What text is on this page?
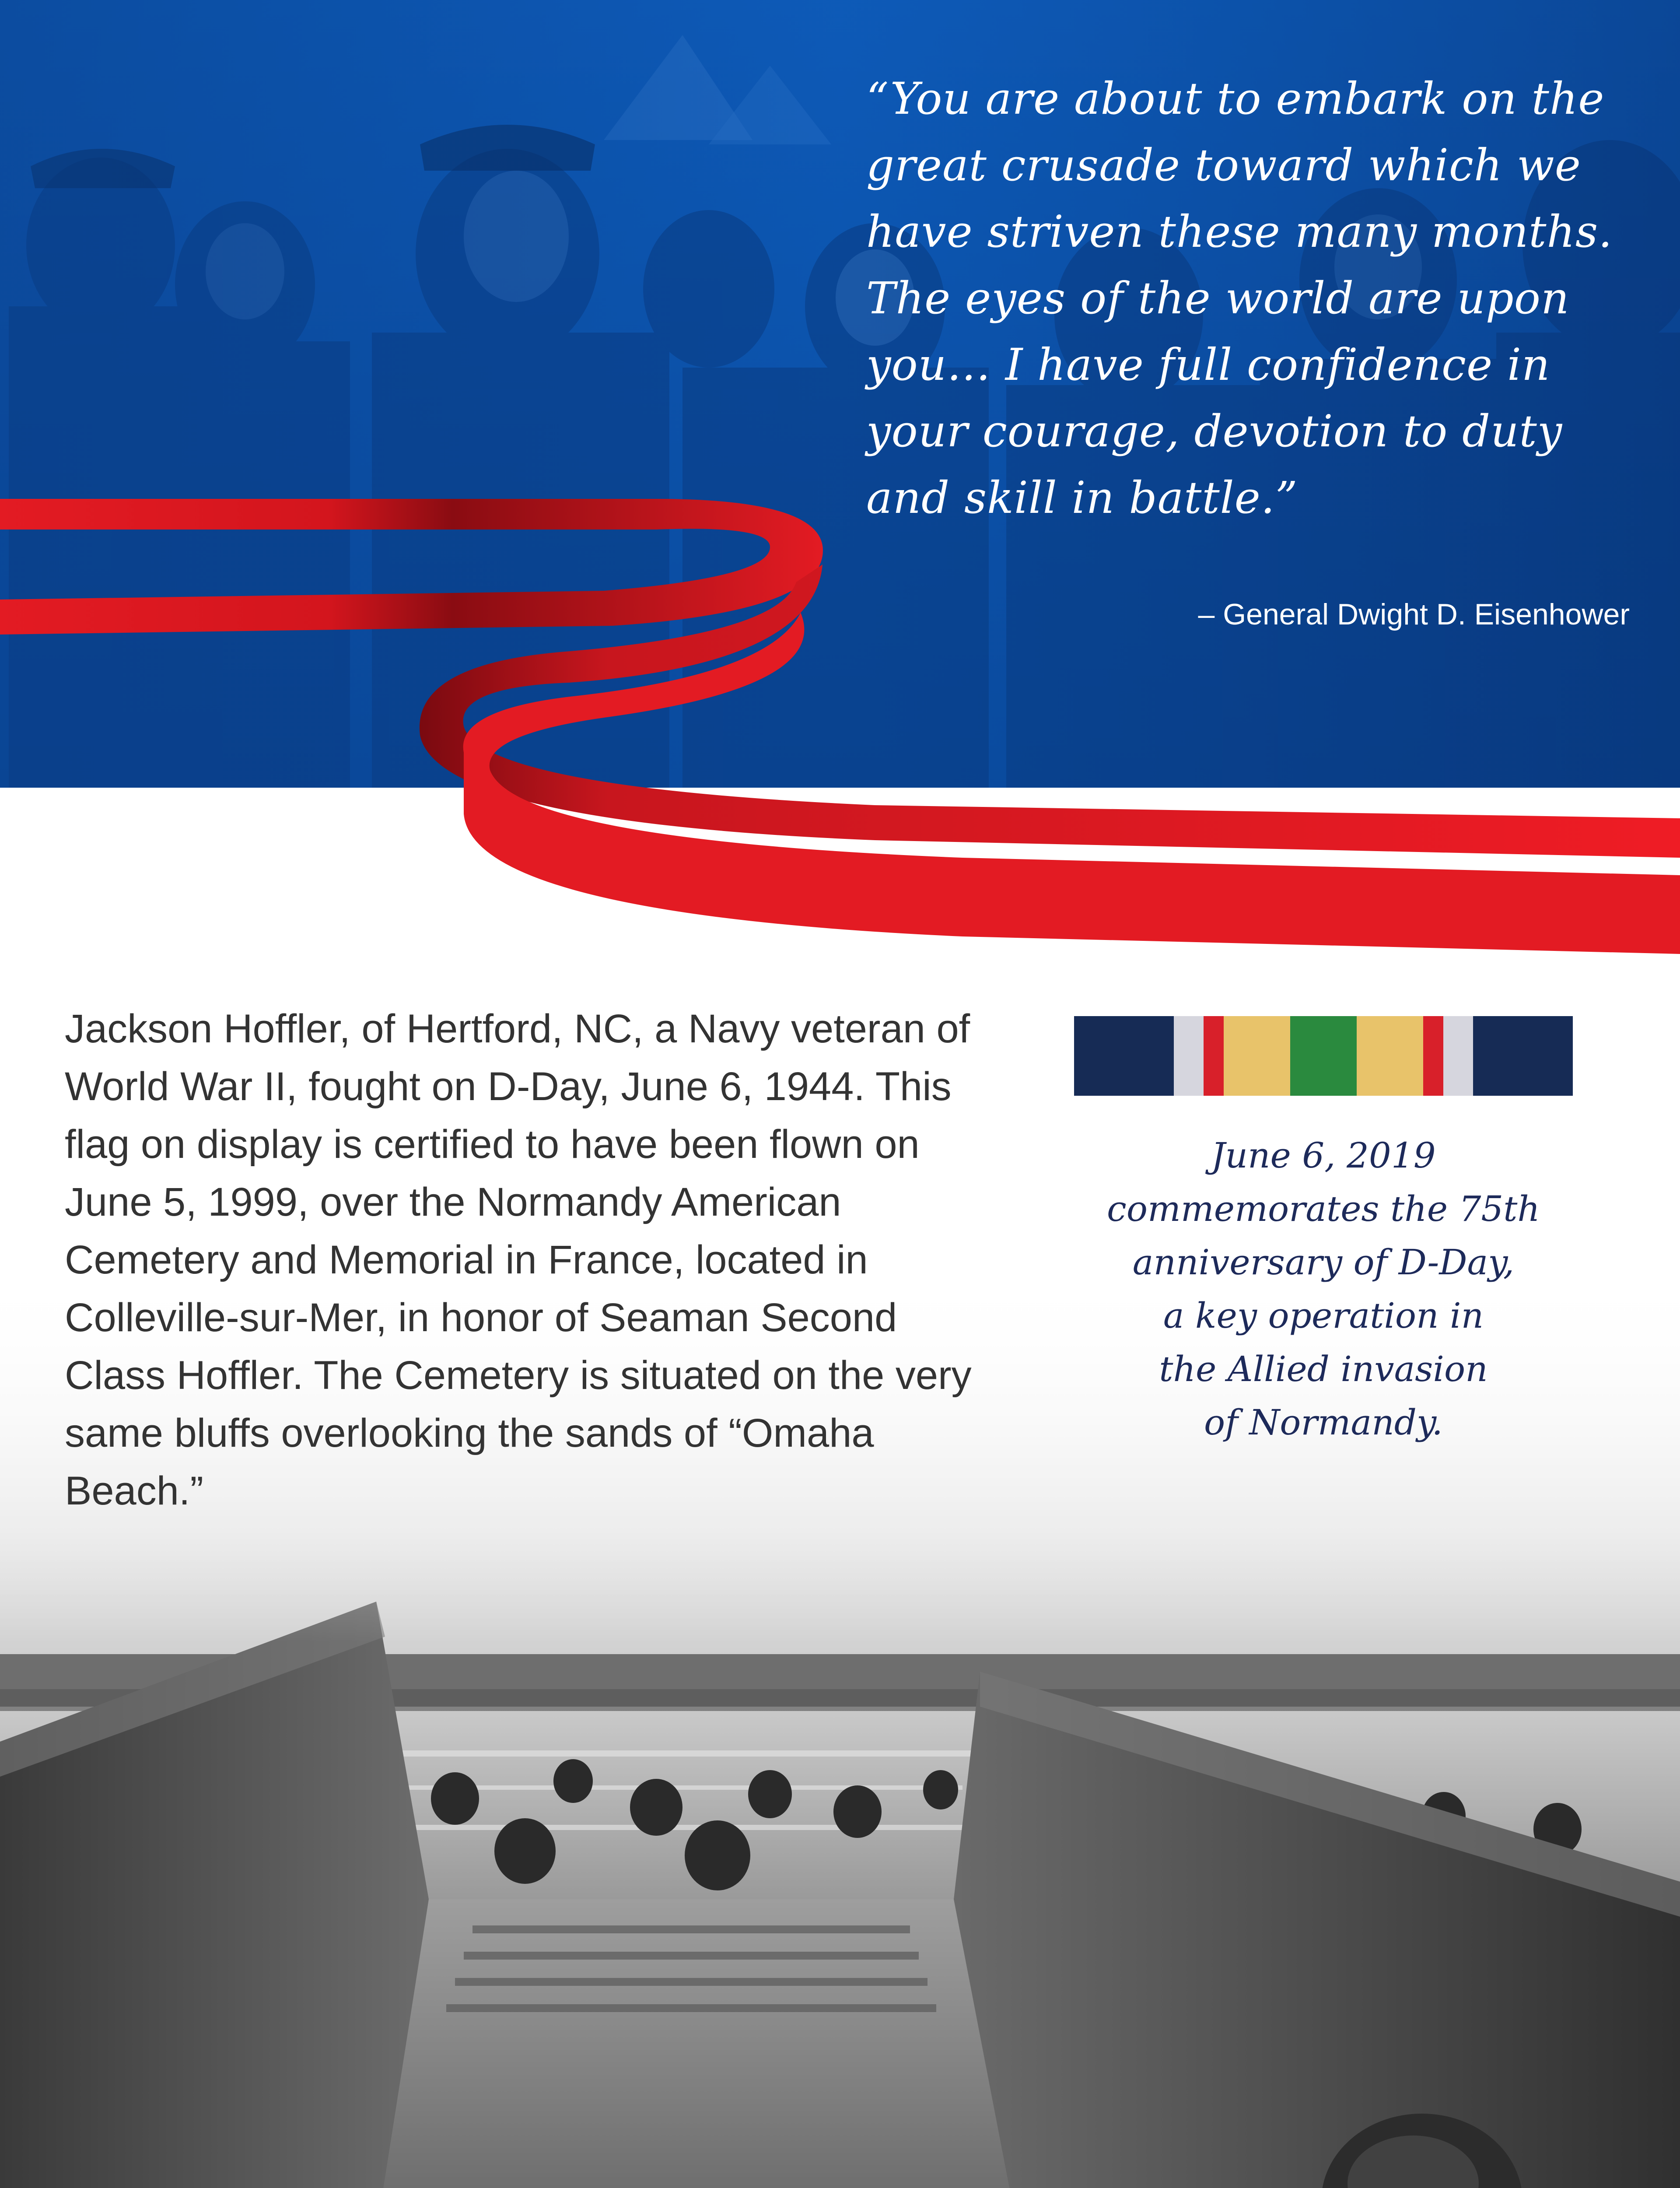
“You are about to embark on the great crusade toward which we have striven these many months. The eyes of the world are upon you… I have full confidence in your courage, devotion to duty and skill in battle.”

– General Dwight D. Eisenhower

Jackson Hoffler, of Hertford, NC, a Navy veteran of World War II, fought on D-Day, June 6, 1944. This flag on display is certified to have been flown on June 5, 1999, over the Normandy American Cemetery and Memorial in France, located in Colleville-sur-Mer, in honor of Seaman Second Class Hoffler. The Cemetery is situated on the very same bluffs overlooking the sands of “Omaha Beach.”

June 6, 2019
commemorates the 75th
anniversary of D-Day,
a key operation in
the Allied invasion
of Normandy.
